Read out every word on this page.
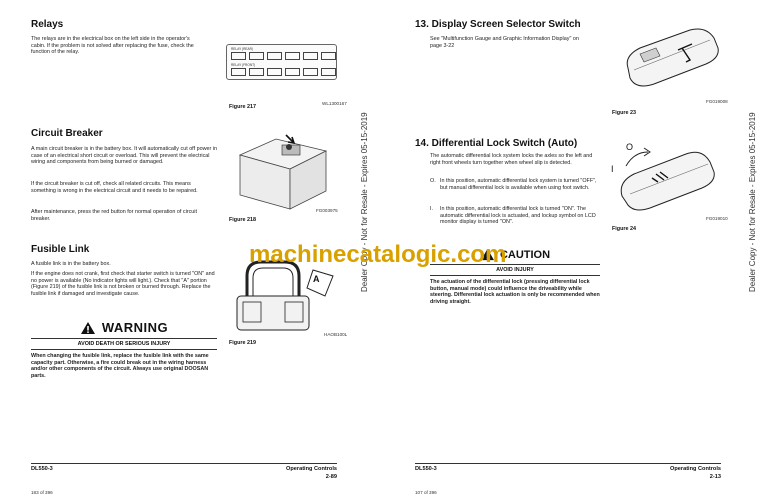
Relays

The relays are in the electrical box on the left side in the operator's cabin. If the problem is not solved after replacing the fuse, check the function of the relay.

RELAY (REAR)
RELAY (FRONT)
WL1300167
Figure 217
Circuit Breaker

A main circuit breaker is in the battery box. It will automatically cut off power in case of an electrical short circuit or overload. This will prevent the electrical wiring and components from being burned or damaged.

If the circuit breaker is cut off, check all related circuits. This means something is wrong in the electrical circuit and it needs to be repaired.

After maintenance, press the red button for normal operation of circuit breaker.

FG003975
Figure 218
Fusible Link

A fusible link is in the battery box.

If the engine does not crank, first check that starter switch is turned "ON" and no power is available (No indicator lights will light.). Check that "A" portion (Figure 219) of the fusible link is not broken or burned through. Replace the fusible link if damaged and investigate cause.

A
HAOB100L
Figure 219
WARNING
AVOID DEATH OR SERIOUS INJURY

When changing the fusible link, replace the fusible link with the same capacity part. Otherwise, a fire could break out in the wiring harness and/or other components of the circuit. Always use original DOOSAN parts.

DL550-3	Operating Controls
2-89
183 of 396
Dealer Copy - Not for Resale - Expires 05-15-2019	Dealer Copy - Not for Resale - Expires 05-15-2019
13. Display Screen Selector Switch

See "Multifunction Gauge and Graphic Information Display" on page 3-22

FG019008
Figure 23
14. Differential Lock Switch (Auto)

The automatic differential lock system locks the axles so the left and right front wheels turn together when wheel slip is detected.

O. In this position, automatic differential lock system is turned "OFF", but manual differential lock is available when using foot switch.

I.	In this position, automatic differential lock is turned "ON". The automatic differential lock is actuated, and lockup symbol on LCD monitor display is turned "ON".

O
I
FG019010
Figure 24
CAUTION
AVOID INJURY

The actuation of the differential lock (pressing differential lock button, manual mode) could influence the driveability while steering. Differential lock actuation is only be recommended when driving straight.

DL550-3	Operating Controls
2-13
107 of 396
machinecatalogic.com
